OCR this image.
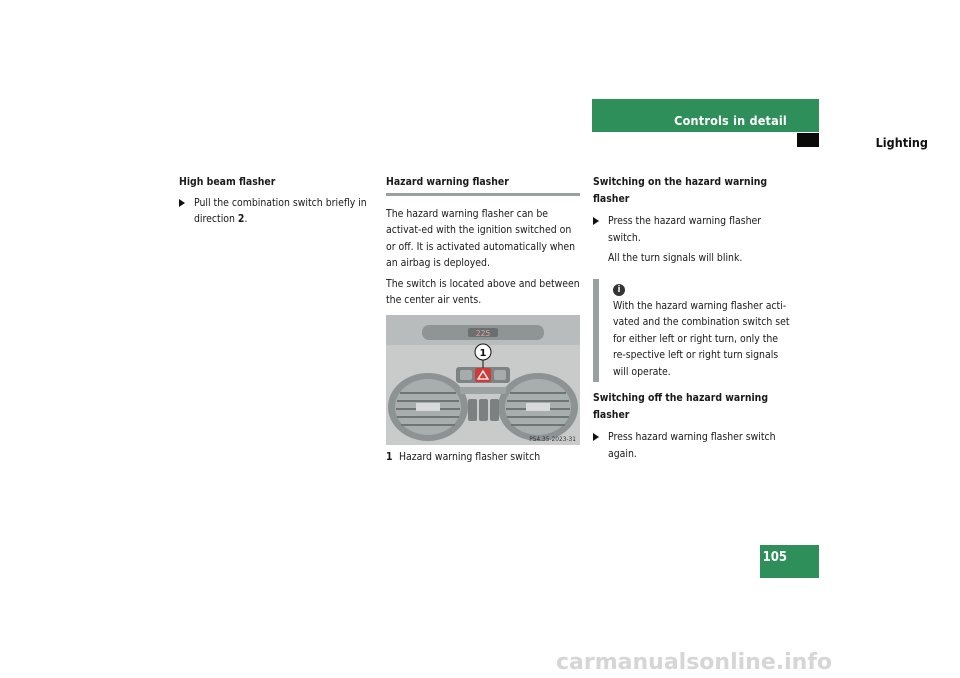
Controls in detail
Lighting
105
High beam flasher
Pull the combination switch briefly in direction 2.
Hazard warning flasher

The hazard warning flasher can be activat-ed with the ignition switched on or off. It is activated automatically when an airbag is deployed.

The switch is located above and between the center air vents.

225
1
P54.35-2023-31
1 Hazard warning flasher switch
Switching on the hazard warning flasher
Press the hazard warning flasher switch.
All the turn signals will blink.
i
With the hazard warning flasher acti-vated and the combination switch set for either left or right turn, only the re-spective left or right turn signals will operate.
Switching off the hazard warning flasher
Press hazard warning flasher switch again.
carmanualsonline.info
